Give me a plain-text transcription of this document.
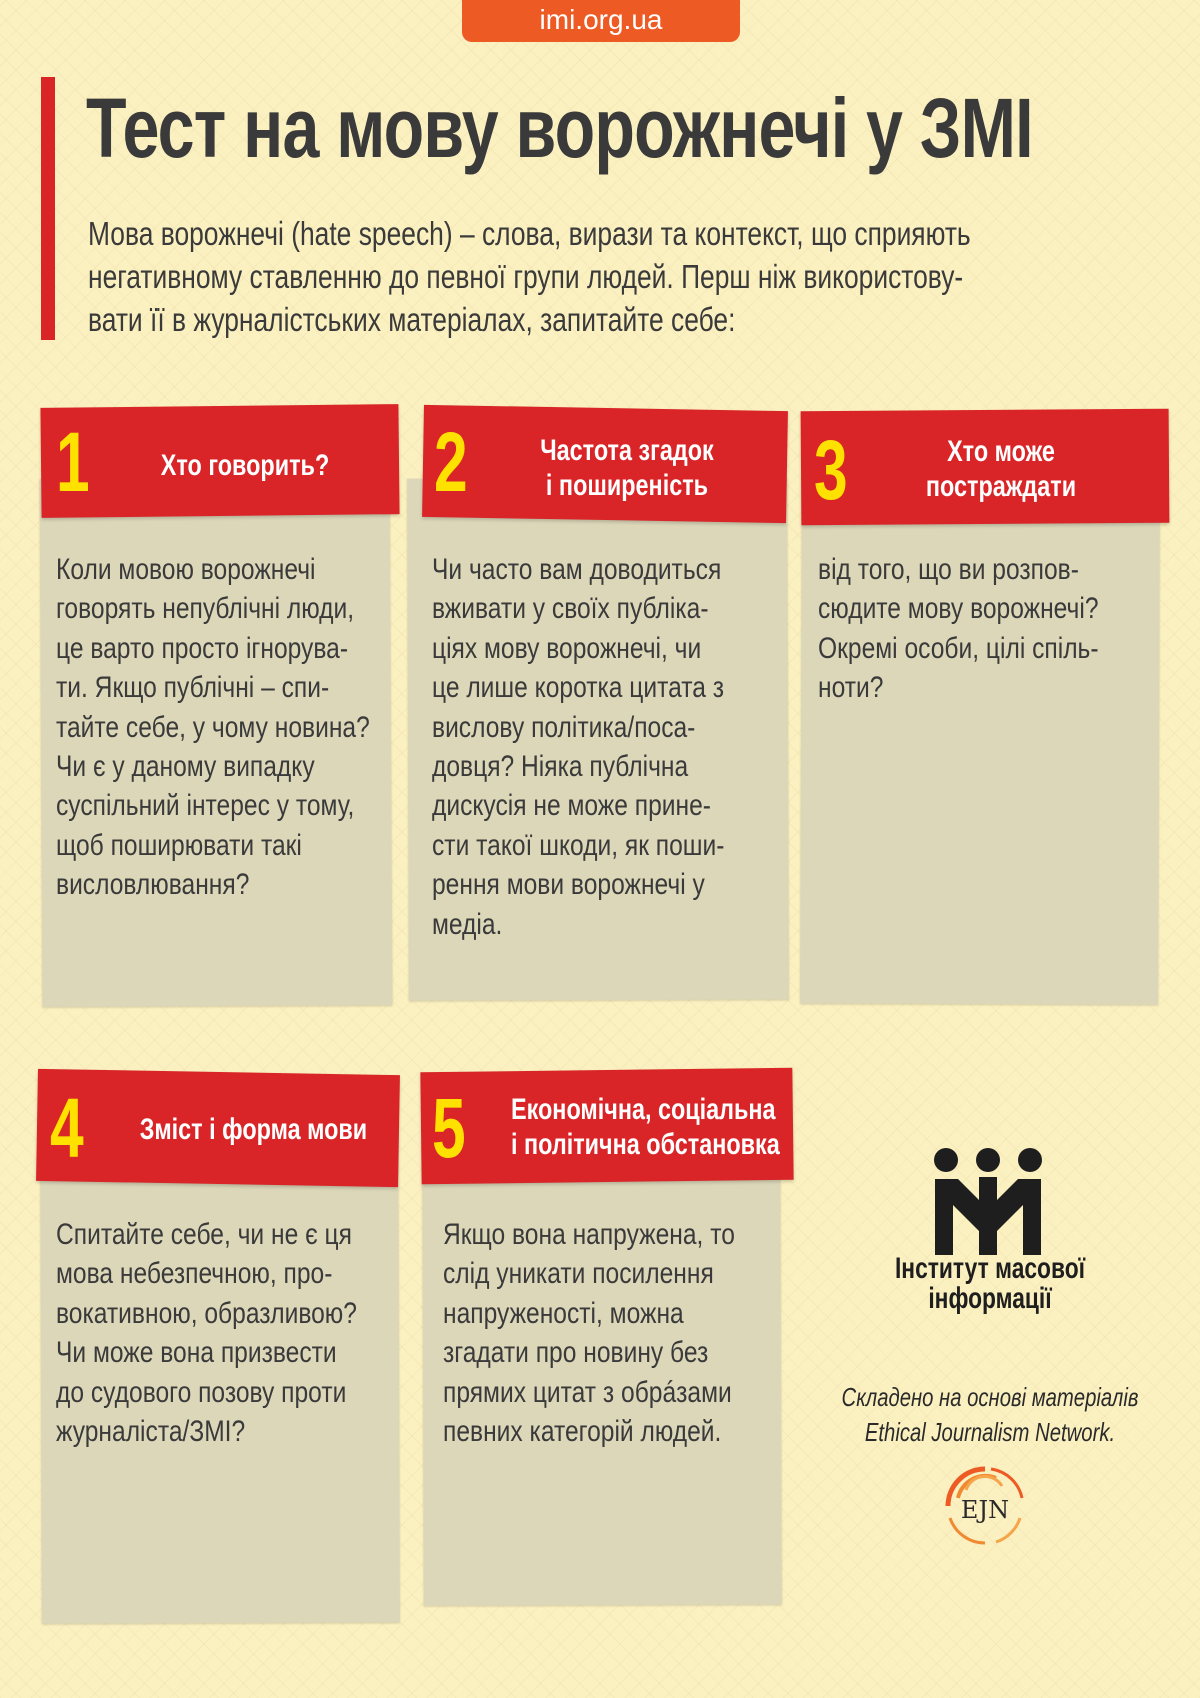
imi.org.ua
Тест на мову ворожнечі у ЗМІ
Мова ворожнечі (hate speech) – слова, вирази та контекст, що сприяють
негативному ставленню до певної групи людей. Перш ніж використову-
вати її в журналістських матеріалах, запитайте себе:
1	Хто говорить?
Коли мовою ворожнечі
говорять непублічні люди,
це варто просто ігнорува-
ти. Якщо публічні – спи-
тайте себе, у чому новина?
Чи є у даному випадку
суспільний інтерес у тому,
щоб поширювати такі
висловлювання?
2	Частота згадок
і поширеність
Чи часто вам доводиться
вживати у своїх публіка-
ціях мову ворожнечі, чи
це лише коротка цитата з
вислову політика/поса-
довця? Ніяка публічна
дискусія не може прине-
сти такої шкоди, як поши-
рення мови ворожнечі у
медіа.
3	Хто може
постраждати
від того, що ви розпов-
сюдите мову ворожнечі?
Окремі особи, цілі спіль-
ноти?
4 Зміст і форма мови
Спитайте себе, чи не є ця
мова небезпечною, про-
вокативною, образливою?
Чи може вона призвести
до судового позову проти
журналіста/ЗМІ?
5 Економічна, соціальна
і політична обстановка
Якщо вона напружена, то
слід уникати посилення
напруженості, можна
згадати про новину без
прямих цитат з обрáзами
певних категорій людей.
Інститут масової
інформації
Складено на основі матеріалів
Ethical Journalism Network.
EJN
